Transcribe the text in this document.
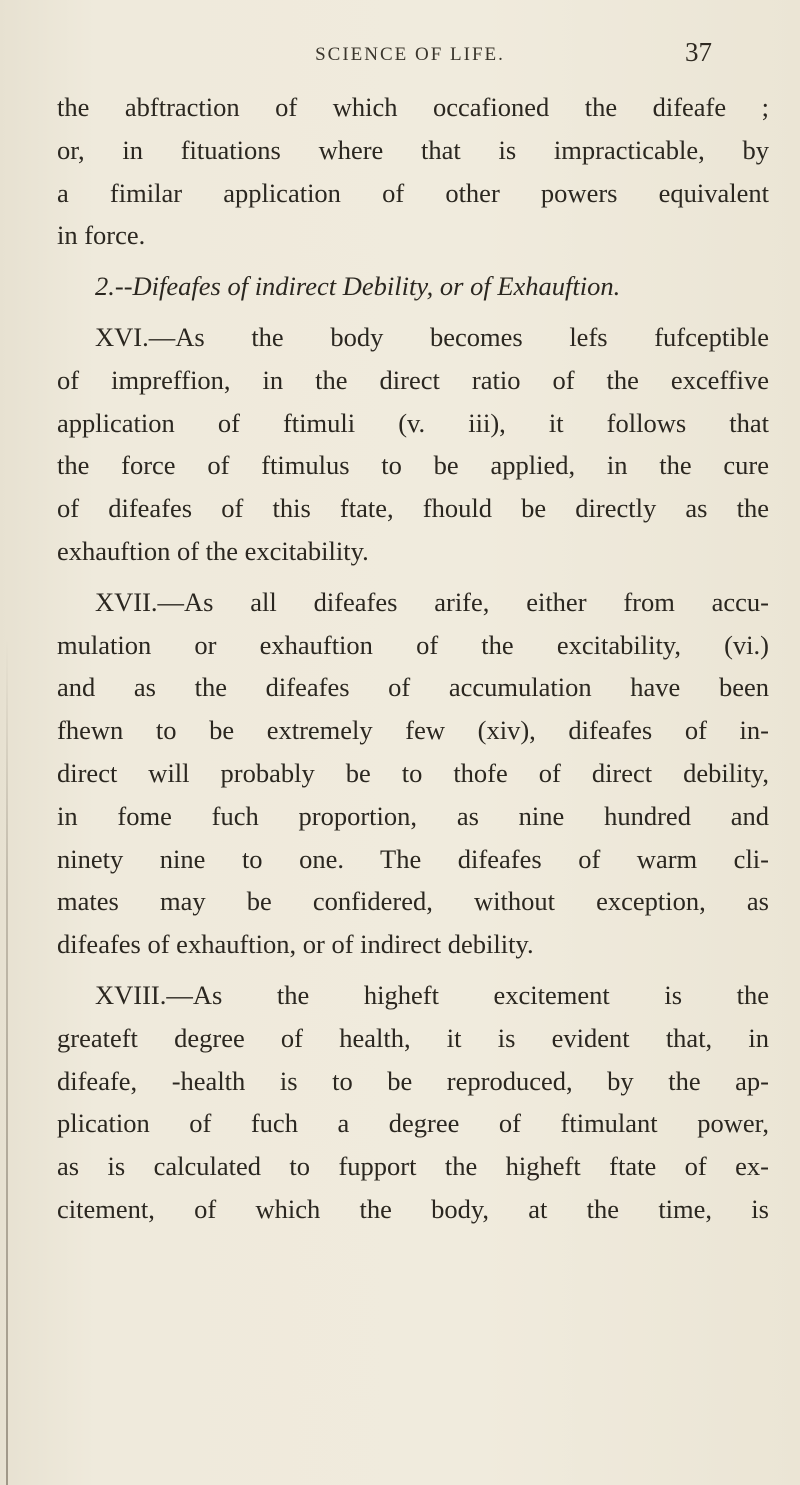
SCIENCE OF LIFE.	37
the abftraction of which occafioned the difeafe ;
or, in fituations where that is impracticable, by
a fimilar application of other powers equivalent
in force.

2.--Difeafes of indirect Debility, or of Exhauftion.

XVI.—As the body becomes lefs fufceptible
of impreffion, in the direct ratio of the exceffive
application of ftimuli (v. iii), it follows that
the force of ftimulus to be applied, in the cure
of difeafes of this ftate, fhould be directly as the
exhauftion of the excitability.
XVII.—As all difeafes arife, either from accu-
mulation or exhauftion of the excitability, (vi.)
and as the difeafes of accumulation have been
fhewn to be extremely few (xiv), difeafes of in-
direct will probably be to thofe of direct debility,
in fome fuch proportion, as nine hundred and
ninety nine to one. The difeafes of warm cli-
mates may be confidered, without exception, as
difeafes of exhauftion, or of indirect debility.
XVIII.—As the higheft excitement is the
greateft degree of health, it is evident that, in
difeafe, -health is to be reproduced, by the ap-
plication of fuch a degree of ftimulant power,
as is calculated to fupport the higheft ftate of ex-
citement, of which the body, at the time, is
